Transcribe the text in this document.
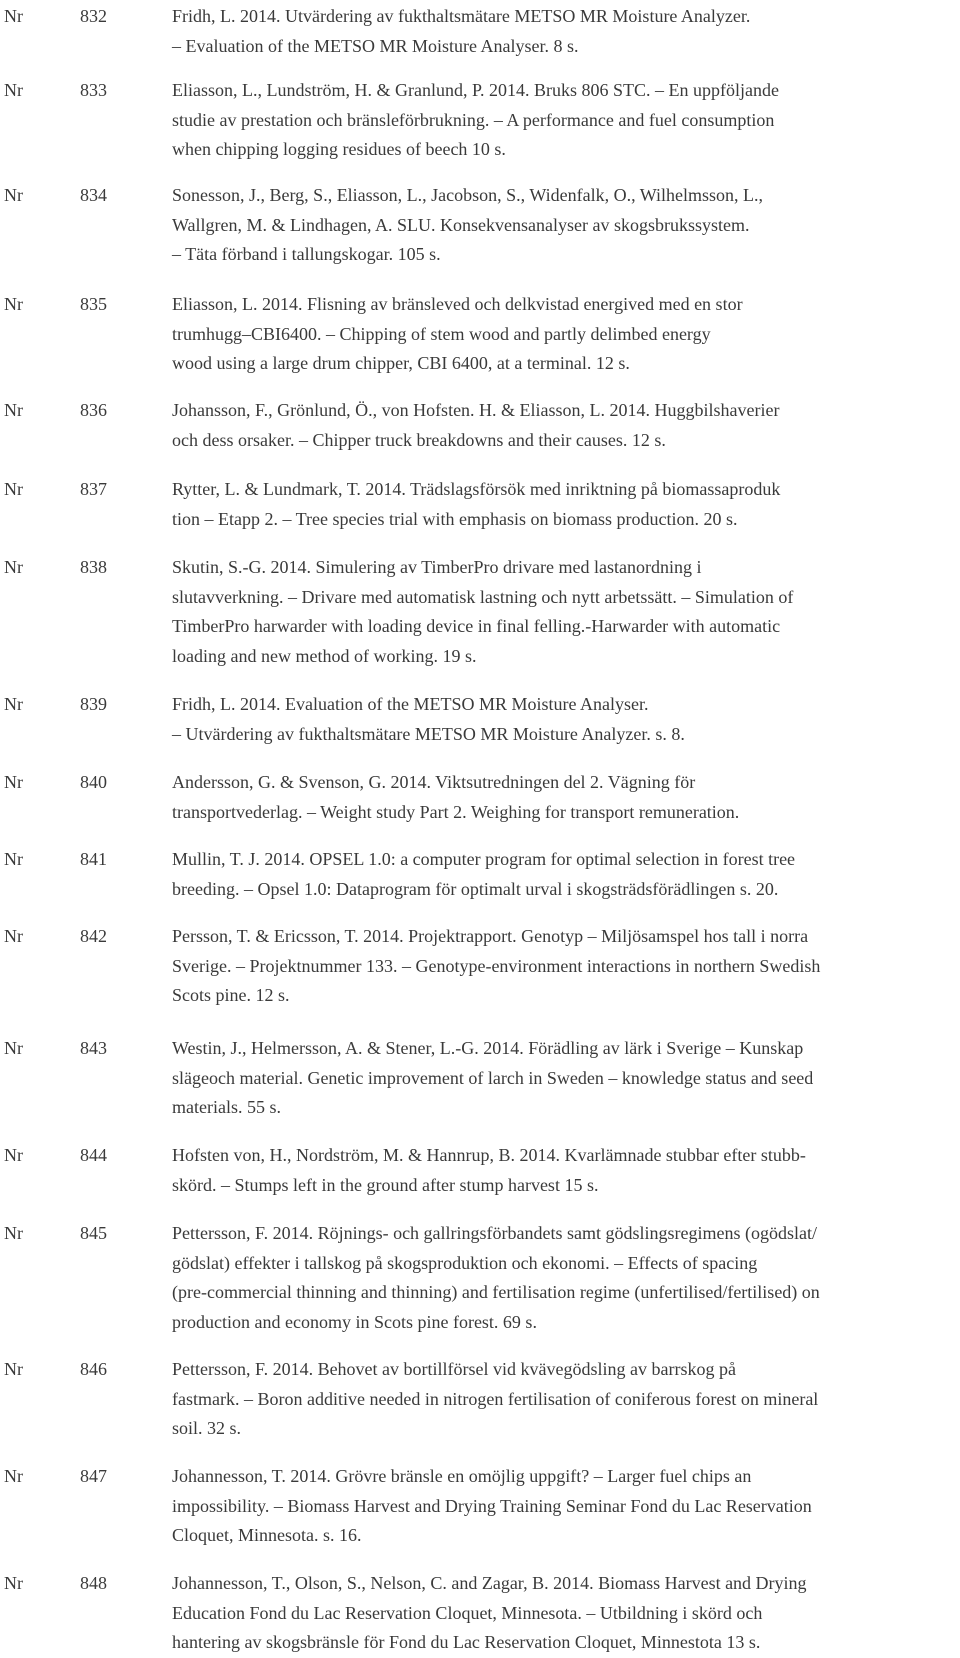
Nr	832	Fridh, L. 2014. Utvärdering av fukthaltsmätare METSO MR Moisture Analyzer.
– Evaluation of the METSO MR Moisture Analyser. 8 s.
Nr	833	Eliasson, L., Lundström, H. & Granlund, P. 2014. Bruks 806 STC. – En uppföljande
studie av prestation och bränsleförbrukning. – A performance and fuel consumption
when chipping logging residues of beech 10 s.
Nr	834	Sonesson, J., Berg, S., Eliasson, L., Jacobson, S., Widenfalk, O., Wilhelmsson, L.,
Wallgren, M. & Lindhagen, A. SLU. Konsekvensanalyser av skogsbrukssystem.
– Täta förband i tallungskogar. 105 s.
Nr	835	Eliasson, L. 2014. Flisning av bränsleved och delkvistad energived med en stor
trumhugg–CBI6400. – Chipping of stem wood and partly delimbed energy
wood using a large drum chipper, CBI 6400, at a terminal. 12 s.
Nr	836	Johansson, F., Grönlund, Ö., von Hofsten. H. & Eliasson, L. 2014. Huggbilshaverier
och dess orsaker. – Chipper truck breakdowns and their causes. 12 s.
Nr	837	Rytter, L. & Lundmark, T. 2014. Trädslagsförsök med inriktning på biomassaproduk
tion – Etapp 2. – Tree species trial with emphasis on biomass production. 20 s.
Nr	838	Skutin, S.-G. 2014. Simulering av TimberPro drivare med lastanordning i
slutavverkning. – Drivare med automatisk lastning och nytt arbetssätt. – Simulation of
TimberPro harwarder with loading device in final felling.-Harwarder with automatic
loading and new method of working. 19 s.
Nr	839	Fridh, L. 2014. Evaluation of the METSO MR Moisture Analyser.
– Utvärdering av fukthaltsmätare METSO MR Moisture Analyzer. s. 8.
Nr	840	Andersson, G. & Svenson, G. 2014. Viktsutredningen del 2. Vägning för
transportvederlag. – Weight study Part 2. Weighing for transport remuneration.
Nr	841	Mullin, T. J. 2014. OPSEL 1.0: a computer program for optimal selection in forest tree
breeding. – Opsel 1.0: Dataprogram för optimalt urval i skogsträdsförädlingen s. 20.
Nr	842	Persson, T. & Ericsson, T. 2014. Projektrapport. Genotyp – Miljösamspel hos tall i norra
Sverige. – Projektnummer 133. – Genotype-environment interactions in northern Swedish
Scots pine. 12 s.
Nr	843	Westin, J., Helmersson, A. & Stener, L.-G. 2014. Förädling av lärk i Sverige – Kunskap
slägeoch material. Genetic improvement of larch in Sweden – knowledge status and seed
materials. 55 s.
Nr	844	Hofsten von, H., Nordström, M. & Hannrup, B. 2014. Kvarlämnade stubbar efter stubb-
skörd. – Stumps left in the ground after stump harvest 15 s.
Nr	845	Pettersson, F. 2014. Röjnings- och gallringsförbandets samt gödslingsregimens (ogödslat/
gödslat) effekter i tallskog på skogsproduktion och ekonomi. – Effects of spacing
(pre-commercial thinning and thinning) and fertilisation regime (unfertilised/fertilised) on
production and economy in Scots pine forest. 69 s.
Nr	846	Pettersson, F. 2014. Behovet av bortillförsel vid kvävegödsling av barrskog på
fastmark. – Boron additive needed in nitrogen fertilisation of coniferous forest on mineral
soil. 32 s.
Nr	847	Johannesson, T. 2014. Grövre bränsle en omöjlig uppgift? – Larger fuel chips an
impossibility. – Biomass Harvest and Drying Training Seminar Fond du Lac Reservation
Cloquet, Minnesota. s. 16.
Nr	848	Johannesson, T., Olson, S., Nelson, C. and Zagar, B. 2014. Biomass Harvest and Drying
Education Fond du Lac Reservation Cloquet, Minnesota. – Utbildning i skörd och
hantering av skogsbränsle för Fond du Lac Reservation Cloquet, Minnestota 13 s.
